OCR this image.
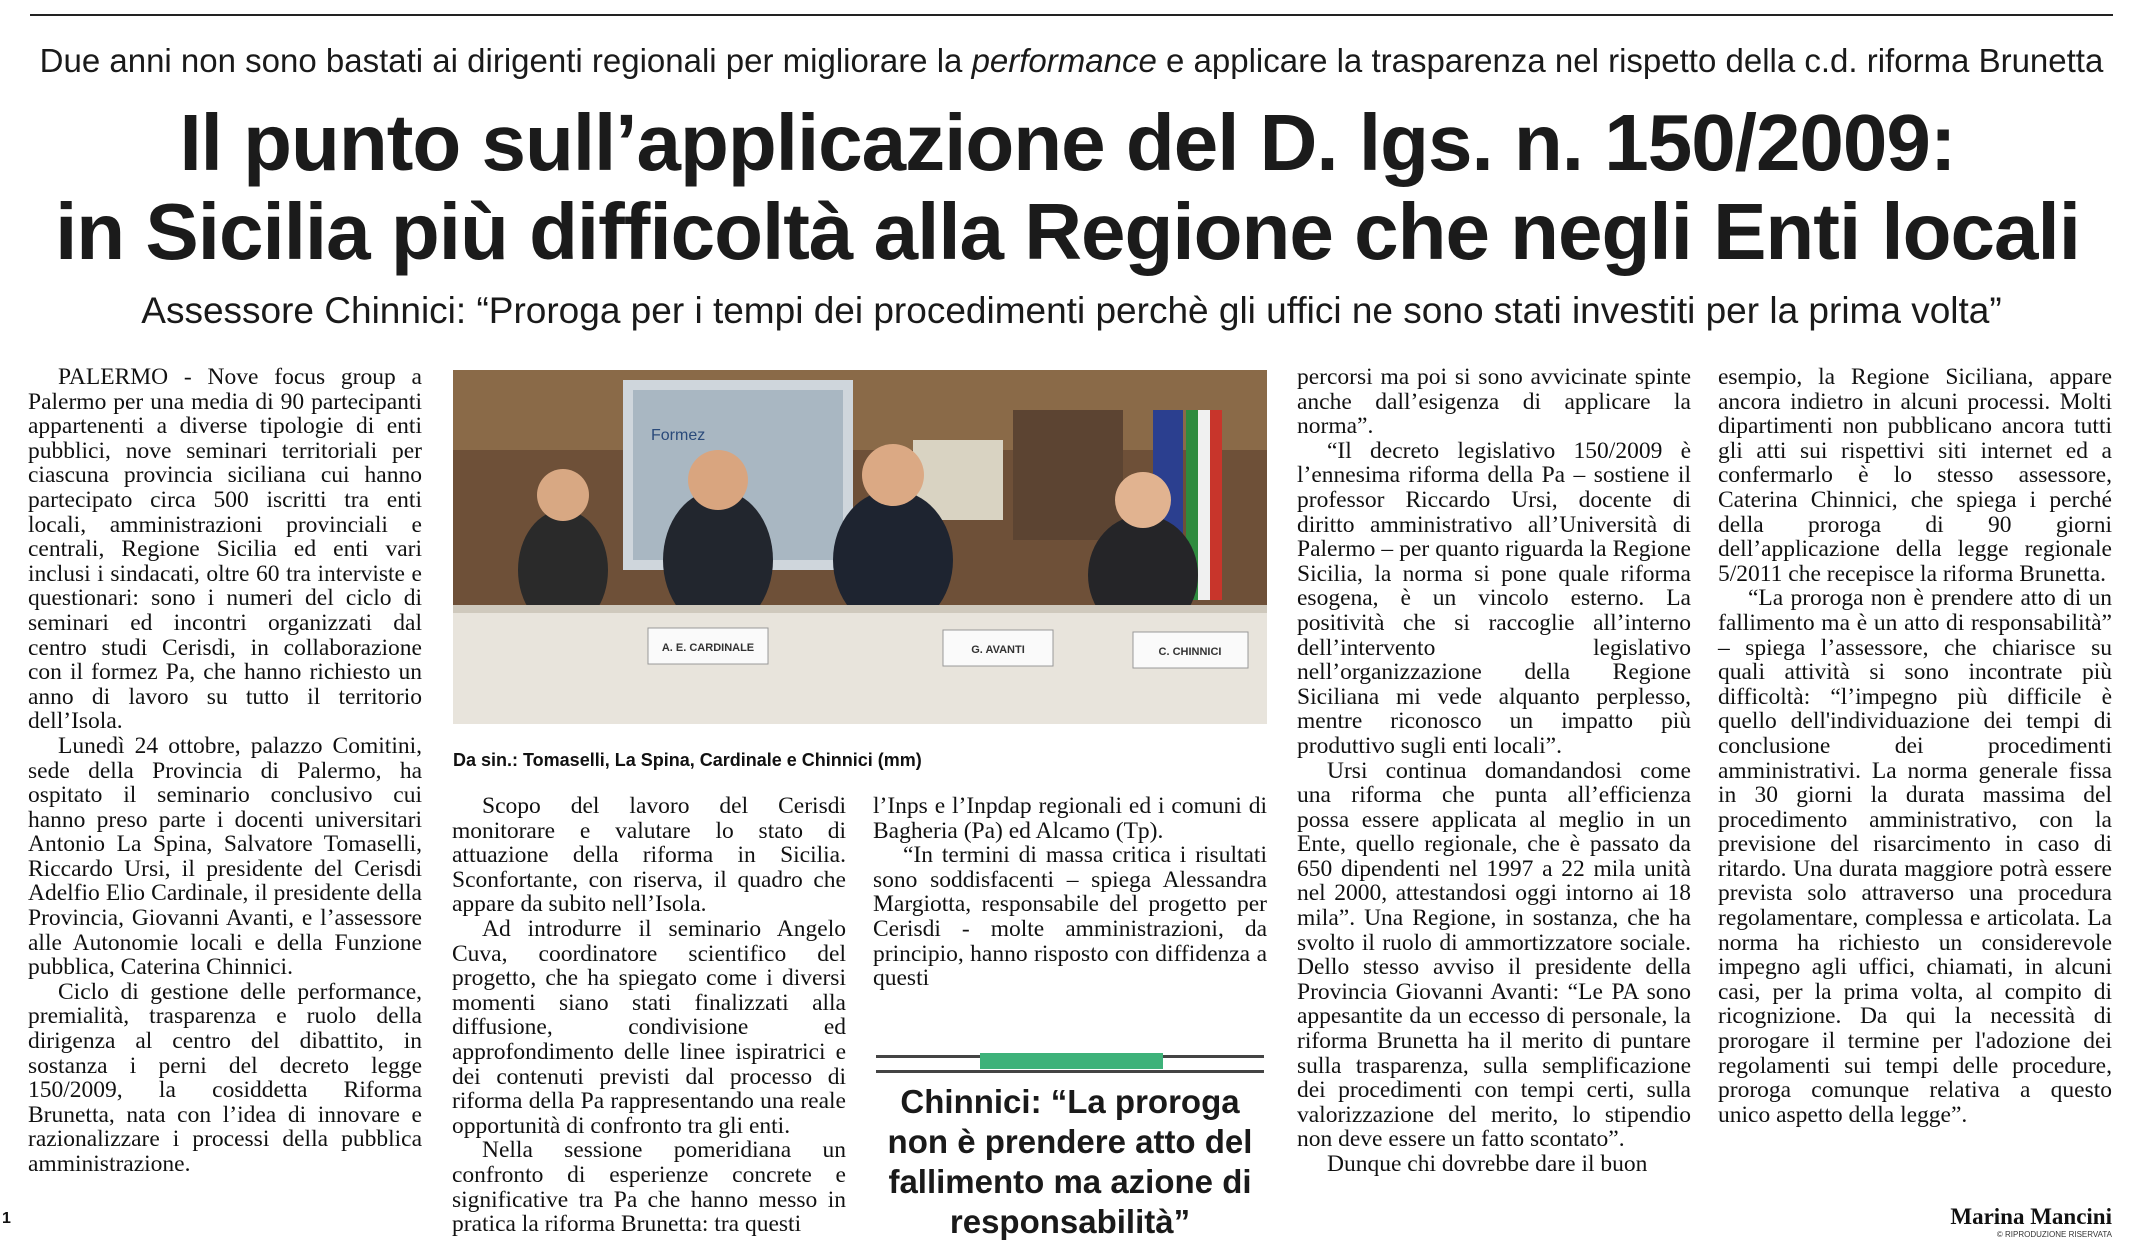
Due anni non sono bastati ai dirigenti regionali per migliorare la performance e applicare la trasparenza nel rispetto della c.d. riforma Brunetta
Il punto sull’applicazione del D. lgs. n. 150/2009:
in Sicilia più difficoltà alla Regione che negli Enti locali
Assessore Chinnici: “Proroga per i tempi dei procedimenti perchè gli uffici ne sono stati investiti per la prima volta”

PALERMO - Nove focus group a Palermo per una media di 90 partecipanti appartenenti a diverse tipologie di enti pubblici, nove seminari territoriali per ciascuna provincia siciliana cui hanno partecipato circa 500 iscritti tra enti locali, amministrazioni provinciali e centrali, Regione Sicilia ed enti vari inclusi i sindacati, oltre 60 tra interviste e questionari: sono i numeri del ciclo di seminari ed incontri organizzati dal centro studi Cerisdi, in collaborazione con il formez Pa, che hanno richiesto un anno di lavoro su tutto il territorio dell’Isola.

Lunedì 24 ottobre, palazzo Comitini, sede della Provincia di Palermo, ha ospitato il seminario conclusivo cui hanno preso parte i docenti universitari Antonio La Spina, Salvatore Tomaselli, Riccardo Ursi, il presidente del Cerisdi Adelfio Elio Cardinale, il presidente della Provincia, Giovanni Avanti, e l’assessore alle Autonomie locali e della Funzione pubblica, Caterina Chinnici.

Ciclo di gestione delle performance, premialità, trasparenza e ruolo della dirigenza al centro del dibattito, in sostanza i perni del decreto legge 150/2009, la cosiddetta Riforma Brunetta, nata con l’idea di innovare e razionalizzare i processi della pubblica amministrazione.

Formez
A. E. CARDINALE	G. AVANTI	C. CHINNICI
Da sin.: Tomaselli, La Spina, Cardinale e Chinnici (mm)

Scopo del lavoro del Cerisdi monitorare e valutare lo stato di attuazione della riforma in Sicilia. Sconfortante, con riserva, il quadro che appare da subito nell’Isola.

Ad introdurre il seminario Angelo Cuva, coordinatore scientifico del progetto, che ha spiegato come i diversi momenti siano stati finalizzati alla diffusione, condivisione ed approfondimento delle linee ispiratrici e dei contenuti previsti dal processo di riforma della Pa rappresentando una reale opportunità di confronto tra gli enti.

Nella sessione pomeridiana un confronto di esperienze concrete e significative tra Pa che hanno messo in pratica la riforma Brunetta: tra questi

l’Inps e l’Inpdap regionali ed i comuni di Bagheria (Pa) ed Alcamo (Tp).

“In termini di massa critica i risultati sono soddisfacenti – spiega Alessandra Margiotta, responsabile del progetto per Cerisdi - molte amministrazioni, da principio, hanno risposto con diffidenza a questi

Chinnici: “La proroga non è prendere atto del fallimento ma azione di responsabilità”

percorsi ma poi si sono avvicinate spinte anche dall’esigenza di applicare la norma”.

“Il decreto legislativo 150/2009 è l’ennesima riforma della Pa – sostiene il professor Riccardo Ursi, docente di diritto amministrativo all’Università di Palermo – per quanto riguarda la Regione Sicilia, la norma si pone quale riforma esogena, è un vincolo esterno. La positività che si raccoglie all’interno dell’intervento legislativo nell’organizzazione della Regione Siciliana mi vede alquanto perplesso, mentre riconosco un impatto più produttivo sugli enti locali”.

Ursi continua domandandosi come una riforma che punta all’efficienza possa essere applicata al meglio in un Ente, quello regionale, che è passato da 650 dipendenti nel 1997 a 22 mila unità nel 2000, attestandosi oggi intorno ai 18 mila”. Una Regione, in sostanza, che ha svolto il ruolo di ammortizzatore sociale. Dello stesso avviso il presidente della Provincia Giovanni Avanti: “Le PA sono appesantite da un eccesso di personale, la riforma Brunetta ha il merito di puntare sulla trasparenza, sulla semplificazione dei procedimenti con tempi certi, sulla valorizzazione del merito, lo stipendio non deve essere un fatto scontato”.

Dunque chi dovrebbe dare il buon

esempio, la Regione Siciliana, appare ancora indietro in alcuni processi. Molti dipartimenti non pubblicano ancora tutti gli atti sui rispettivi siti internet ed a confermarlo è lo stesso assessore, Caterina Chinnici, che spiega i perché della proroga di 90 giorni dell’applicazione della legge regionale 5/2011 che recepisce la riforma Brunetta.

“La proroga non è prendere atto di un fallimento ma è un atto di responsabilità” – spiega l’assessore, che chiarisce su quali attività si sono incontrate più difficoltà: “l’impegno più difficile è quello dell'individuazione dei tempi di conclusione dei procedimenti amministrativi. La norma generale fissa in 30 giorni la durata massima del procedimento amministrativo, con la previsione del risarcimento in caso di ritardo. Una durata maggiore potrà essere prevista solo attraverso una procedura regolamentare, complessa e articolata. La norma ha richiesto un considerevole impegno agli uffici, chiamati, in alcuni casi, per la prima volta, al compito di ricognizione. Da qui la necessità di prorogare il termine per l'adozione dei regolamenti sui tempi delle procedure, proroga comunque relativa a questo unico aspetto della legge”.

Marina Mancini
© RIPRODUZIONE RISERVATA
1
